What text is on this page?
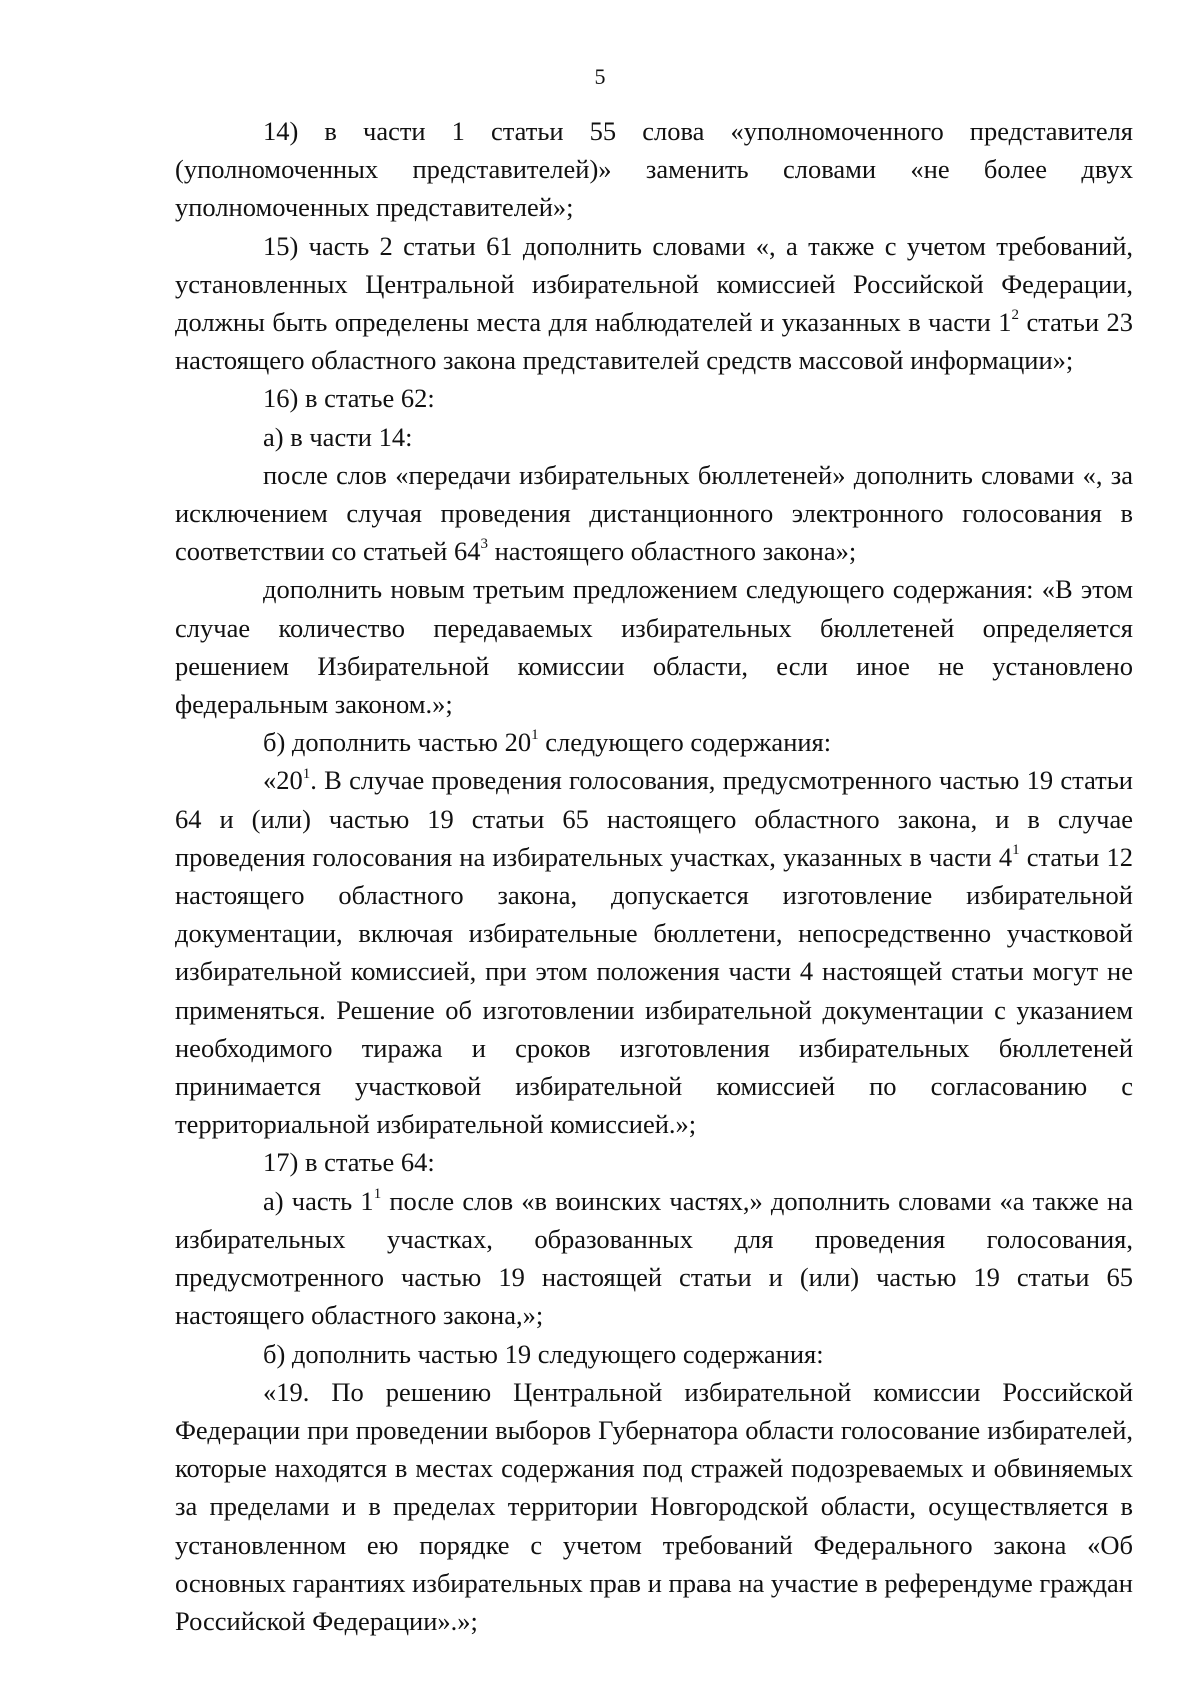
5

14) в части 1 статьи 55 слова «уполномоченного представителя (уполномоченных представителей)» заменить словами «не более двух уполномоченных представителей»;

15) часть 2 статьи 61 дополнить словами «, а также с учетом требований, установленных Центральной избирательной комиссией Российской Федерации, должны быть определены места для наблюдателей и указанных в части $1^2$ статьи 23 настоящего областного закона представителей средств массовой информации»;

16) в статье 62:

а) в части 14:

после слов «передачи избирательных бюллетеней» дополнить словами «, за исключением случая проведения дистанционного электронного голосования в соответствии со статьей $64^3$ настоящего областного закона»;

дополнить новым третьим предложением следующего содержания: «В этом случае количество передаваемых избирательных бюллетеней определяется решением Избирательной комиссии области, если иное не установлено федеральным законом.»;

б) дополнить частью $20^1$ следующего содержания:

«$20^1$. В случае проведения голосования, предусмотренного частью 19 статьи 64 и (или) частью 19 статьи 65 настоящего областного закона, и в случае проведения голосования на избирательных участках, указанных в части $4^1$ статьи 12 настоящего областного закона, допускается изготовление избирательной документации, включая избирательные бюллетени, непосредственно участковой избирательной комиссией, при этом положения части 4 настоящей статьи могут не применяться. Решение об изготовлении избирательной документации с указанием необходимого тиража и сроков изготовления избирательных бюллетеней принимается участковой избирательной комиссией по согласованию с территориальной избирательной комиссией.»;

17) в статье 64:

а) часть $1^1$ после слов «в воинских частях,» дополнить словами «а также на избирательных участках, образованных для проведения голосования, предусмотренного частью 19 настоящей статьи и (или) частью 19 статьи 65 настоящего областного закона,»;

б) дополнить частью 19 следующего содержания:

«19. По решению Центральной избирательной комиссии Российской Федерации при проведении выборов Губернатора области голосование избирателей, которые находятся в местах содержания под стражей подозреваемых и обвиняемых за пределами и в пределах территории Новгородской области, осуществляется в установленном ею порядке с учетом требований Федерального закона «Об основных гарантиях избирательных прав и права на участие в референдуме граждан Российской Федерации».»;
